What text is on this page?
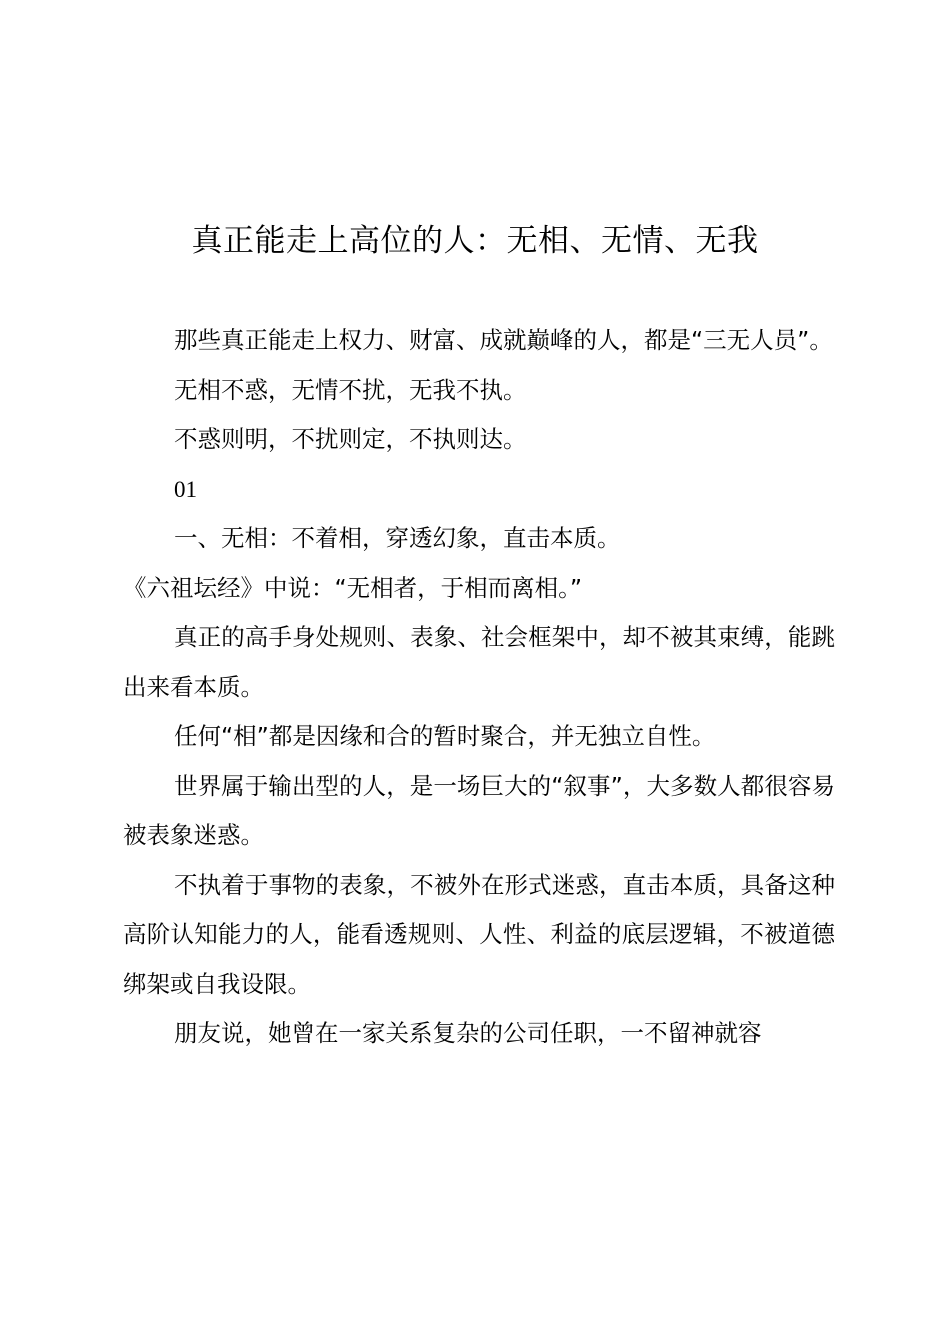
真正能走上高位的人：无相、无情、无我

那些真正能走上权力、财富、成就巅峰的人，都是“三无人员”。

无相不惑，无情不扰，无我不执。

不惑则明，不扰则定，不执则达。

01

一、无相：不着相，穿透幻象，直击本质。

《六祖坛经》中说：“无相者，于相而离相。”

真正的高手身处规则、表象、社会框架中，却不被其束缚，能跳出来看本质。

任何“相”都是因缘和合的暂时聚合，并无独立自性。

世界属于输出型的人，是一场巨大的“叙事”，大多数人都很容易被表象迷惑。

不执着于事物的表象，不被外在形式迷惑，直击本质，具备这种高阶认知能力的人，能看透规则、人性、利益的底层逻辑，不被道德绑架或自我设限。

朋友说，她曾在一家关系复杂的公司任职，一不留神就容
